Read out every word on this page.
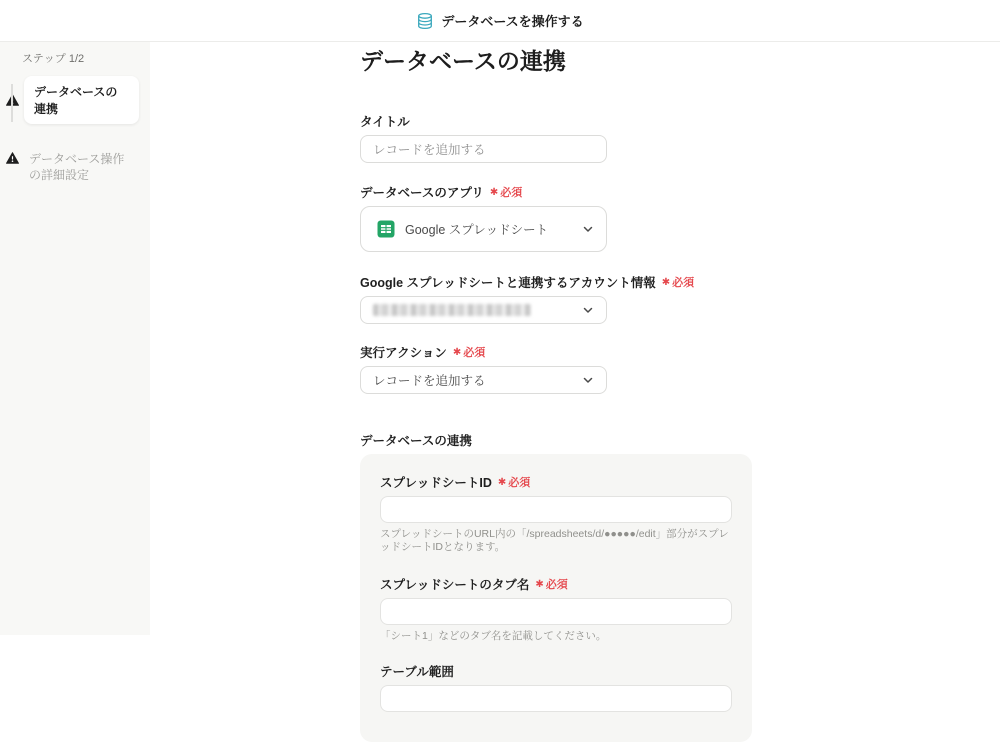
データベースを操作する
ステップ 1/2
データベースの連携
データベース操作の詳細設定
データベースの連携
タイトル
レコードを追加する
データベースのアプリ ✱ 必須
Google スプレッドシート
Google スプレッドシートと連携するアカウント情報 ✱ 必須
実行アクション ✱ 必須
レコードを追加する
データベースの連携
スプレッドシートID ✱ 必須
スプレッドシートのURL内の「/spreadsheets/d/●●●●●/edit」部分がスプレッドシートIDとなります。
スプレッドシートのタブ名 ✱ 必須
「シート1」などのタブ名を記載してください。
テーブル範囲
